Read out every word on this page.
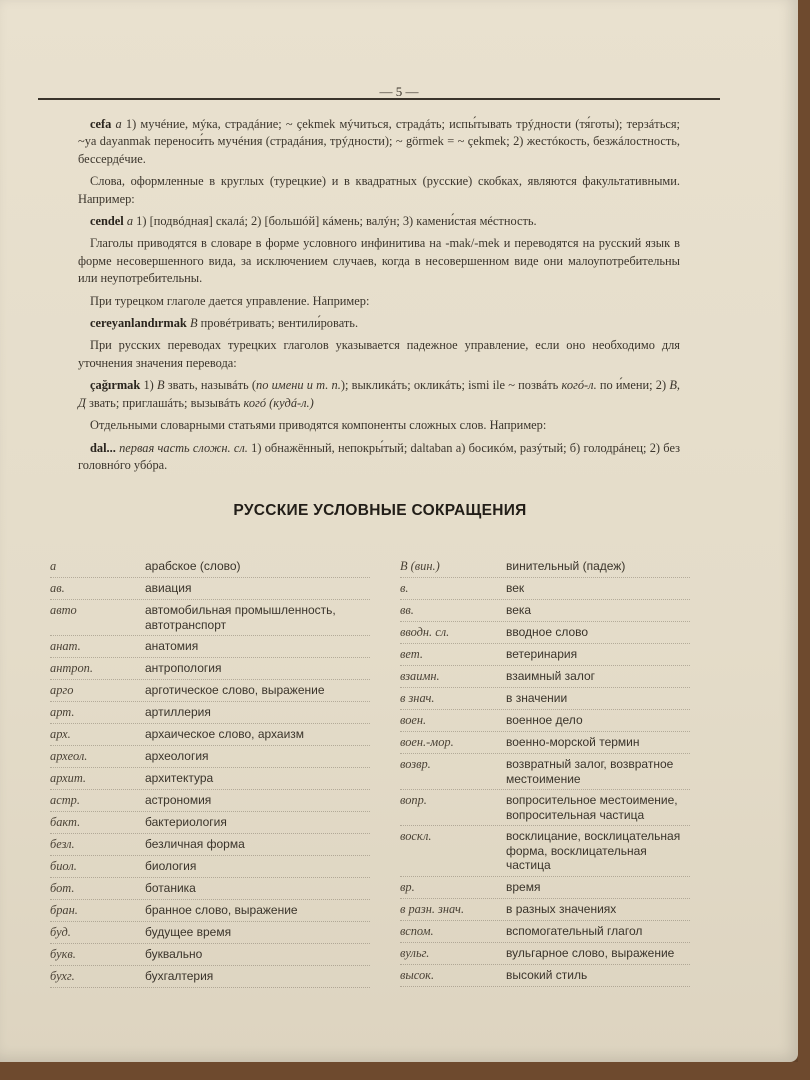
— 5 —

cefa a 1) мучéние, мýка, страдáние; ~ çekmek мýчиться, страдáть; испы́тывать трýдности (тя́готы); терзáться; ~ya dayanmak переноси́ть мучéния (страдáния, трýдности); ~ görmek = ~ çekmek; 2) жестóкость, безжáлостность, бессердéчие.

Слова, оформленные в круглых (турецкие) и в квадратных (русские) скобках, являются факультативными. Например:

cendel a 1) [подвóдная] скалá; 2) [большóй] кáмень; валýн; 3) камени́стая мéстность.

Глаголы приводятся в словаре в форме условного инфинитива на -mak/-mek и переводятся на русский язык в форме несовершенного вида, за исключением случаев, когда в несовершенном виде они малоупотребительны или неупотребительны.

При турецком глаголе дается управление. Например:

cereyanlandırmak B провéтривать; вентили́ровать.

При русских переводах турецких глаголов указывается падежное управление, если оно необходимо для уточнения значения перевода:

çağırmak 1) В звать, назывáть (по имени и т. п.); выкликáть; окликáть; ismi ile ~ позвáть когó-л. по и́мени; 2) В, Д звать; приглашáть; вызывáть когó (кудá-л.)

Отдельными словарными статьями приводятся компоненты сложных слов. Например:

dal... первая часть сложн. сл. 1) обнажённый, непокры́тый; daltaban а) босикóм, разýтый; б) голодрáнец; 2) без головнóго убóра.

РУССКИЕ УСЛОВНЫЕ СОКРАЩЕНИЯ
а	арабское (слово)
ав.	авиация
авто	автомобильная промышленность, автотранспорт
анат.	анатомия
антроп.	антропология
арго	арготическое слово, выражение
арт.	артиллерия
арх.	архаическое слово, архаизм
археол.	археология
архит.	архитектура
астр.	астрономия
бакт.	бактериология
безл.	безличная форма
биол.	биология
бот.	ботаника
бран.	бранное слово, выражение
буд.	будущее время
букв.	буквально
бухг.	бухгалтерия
В (вин.)	винительный (падеж)
в.	век
вв.	века
вводн. сл.	вводное слово
вет.	ветеринария
взаимн.	взаимный залог
в знач.	в значении
воен.	военное дело
воен.-мор.	военно-морской термин
возвр.	возвратный залог, возвратное местоимение
вопр.	вопросительное местоимение, вопросительная частица
воскл.	восклицание, восклицательная форма, восклицательная частица
вр.	время
в разн. знач.	в разных значениях
вспом.	вспомогательный глагол
вульг.	вульгарное слово, выражение
высок.	высокий стиль
